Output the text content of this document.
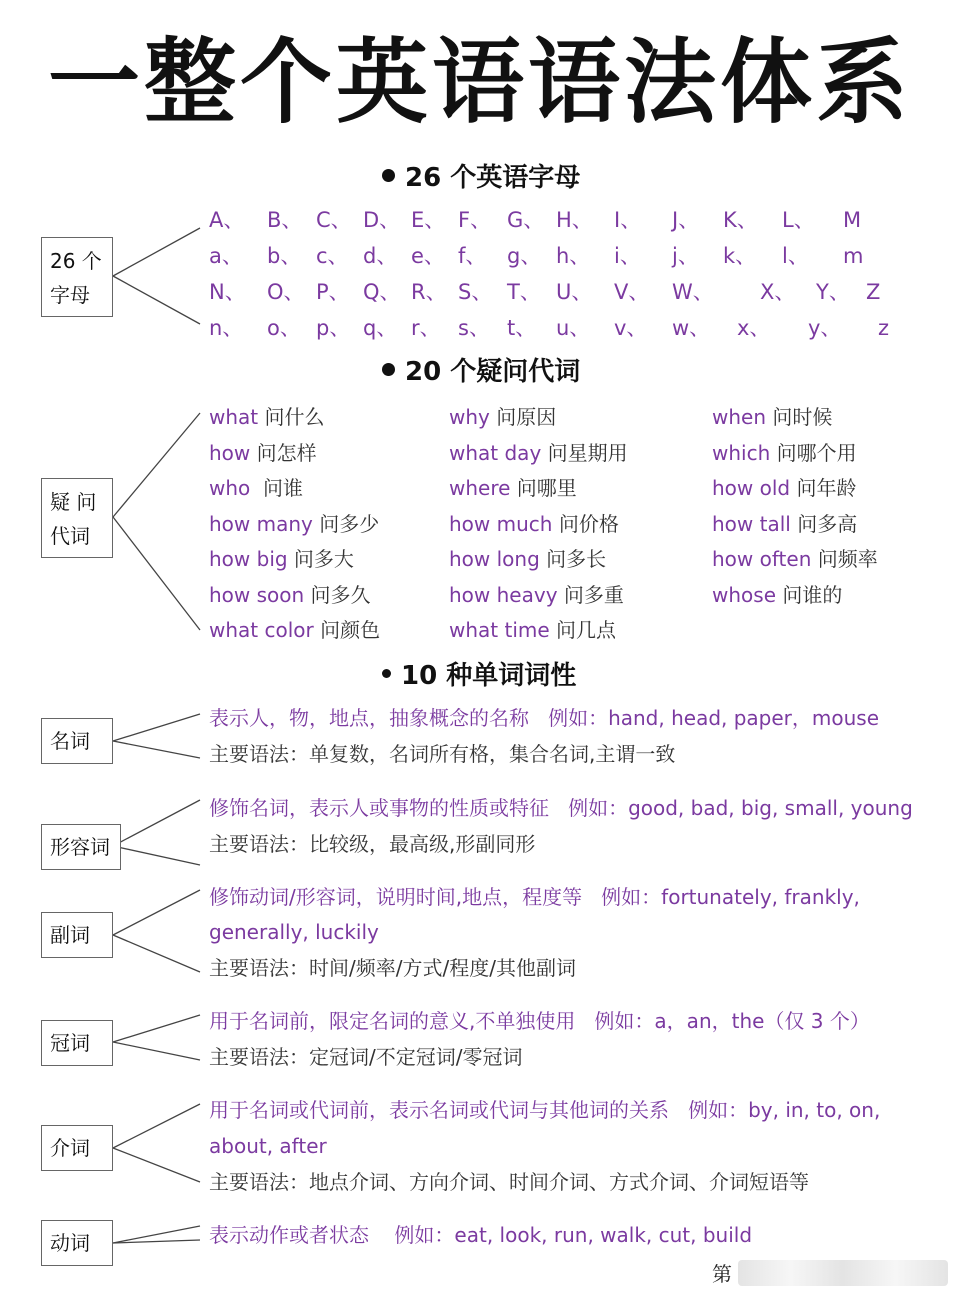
一整个英语语法体系
26 个英语字母
26 个
字母
A、 B、 C、 D、 E、 F、 G、 H、 I、 J、 K、 L、 M
a、 b、 c、 d、 e、 f、 g、 h、 i、 j、 k、 l、 m
N、 O、 P、 Q、 R、 S、 T、 U、 V、 W、 X、 Y、 Z
n、 o、 p、 q、 r、 s、 t、 u、 v、 w、 x、 y、 z
20 个疑问代词
疑 问
代词
what 问什么
how 问怎样
who  问谁
how many 问多少
how big 问多大
how soon 问多久
what color 问颜色
why 问原因
what day 问星期用
where 问哪里
how much 问价格
how long 问多长
how heavy 问多重
what time 问几点
when 问时候
which 问哪个用
how old 问年龄
how tall 问多高
how often 问频率
whose 问谁的
10 种单词词性
名词
表示人，物，地点，抽象概念的名称   例如：hand, head, paper，mouse
主要语法：单复数，名词所有格，集合名词,主谓一致
形容词
修饰名词，表示人或事物的性质或特征   例如：good, bad, big, small, young
主要语法：比较级，最高级,形副同形
副词
修饰动词/形容词，说明时间,地点，程度等   例如：fortunately, frankly,
generally, luckily
主要语法：时间/频率/方式/程度/其他副词
冠词
用于名词前，限定名词的意义,不单独使用   例如：a，an，the（仅 3 个）
主要语法：定冠词/不定冠词/零冠词
介词
用于名词或代词前，表示名词或代词与其他词的关系   例如：by, in, to, on,
about, after
主要语法：地点介词、方向介词、时间介词、方式介词、介词短语等
动词	表示动作或者状态    例如：eat, look, run, walk, cut, build
第
